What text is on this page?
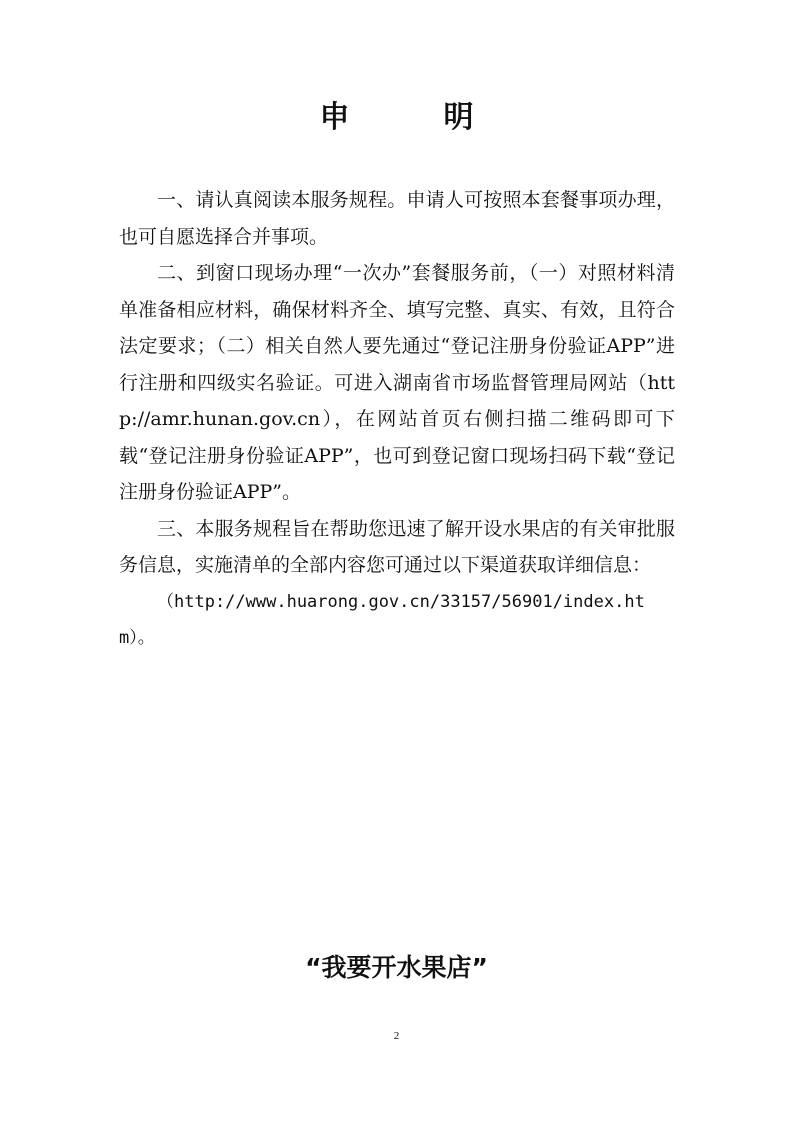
申　明

一、请认真阅读本服务规程。申请人可按照本套餐事项办理，也可自愿选择合并事项。

二、到窗口现场办理“一次办”套餐服务前，（一）对照材料清单准备相应材料，确保材料齐全、填写完整、真实、有效，且符合法定要求；（二）相关自然人要先通过“登记注册身份验证APP”进行注册和四级实名验证。可进入湖南省市场监督管理局网站（http://amr.hunan.gov.cn），在网站首页右侧扫描二维码即可下载“登记注册身份验证APP”，也可到登记窗口现场扫码下载“登记注册身份验证APP”。

三、本服务规程旨在帮助您迅速了解开设水果店的有关审批服务信息，实施清单的全部内容您可通过以下渠道获取详细信息：

（http://www.huarong.gov.cn/33157/56901/index.htm）。

“我要开水果店”
2
